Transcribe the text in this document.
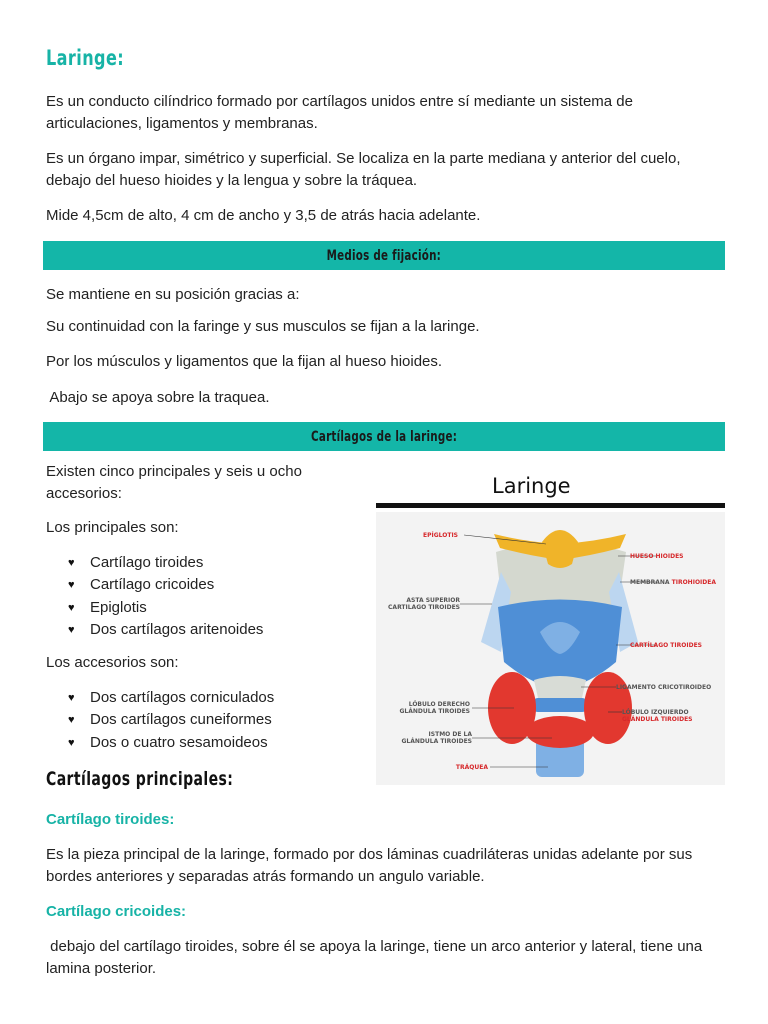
Laringe:
Es un conducto cilíndrico formado por cartílagos unidos entre sí mediante un sistema de articulaciones, ligamentos y membranas.
Es un órgano impar, simétrico y superficial. Se localiza en la parte mediana y anterior del cuelo, debajo del hueso hioides y la lengua y sobre la tráquea.
Mide 4,5cm de alto, 4 cm de ancho y 3,5 de atrás hacia adelante.
Medios de fijación:
Se mantiene en su posición gracias a:
Su continuidad con la faringe y sus musculos se fijan a la laringe.
Por los músculos y ligamentos que la fijan al hueso hioides.
Abajo se apoya sobre la traquea.
Cartílagos de la laringe:
Existen cinco principales y seis u ocho
accesorios:
Los principales son:
♥ Cartílago tiroides
♥ Cartílago cricoides
♥ Epiglotis
♥ Dos cartílagos aritenoides
Los accesorios son:
♥ Dos cartílagos corniculados
♥ Dos cartílagos cuneiformes
♥ Dos o cuatro sesamoideos
Laringe
EPÍGLOTIS
ASTA SUPERIOR
CARTILAGO TIROIDES
LÓBULO DERECHO
GLÁNDULA TIROIDES
ISTMO DE LA
GLÁNDULA TIROIDES
TRÁQUEA
HUESO HIOIDES
MEMBRANA TIROHIOIDEA
CARTÍLAGO TIROIDES
LIGAMENTO CRICOTIROIDEO
LÓBULO IZQUIERDO
GLÁNDULA TIROIDES
Cartílagos principales:
Cartílago tiroides:
Es la pieza principal de la laringe, formado por dos láminas cuadriláteras unidas adelante por sus bordes anteriores y separadas atrás formando un angulo variable.
Cartílago cricoides:
debajo del cartílago tiroides, sobre él se apoya la laringe, tiene un arco anterior y lateral, tiene una lamina posterior.
